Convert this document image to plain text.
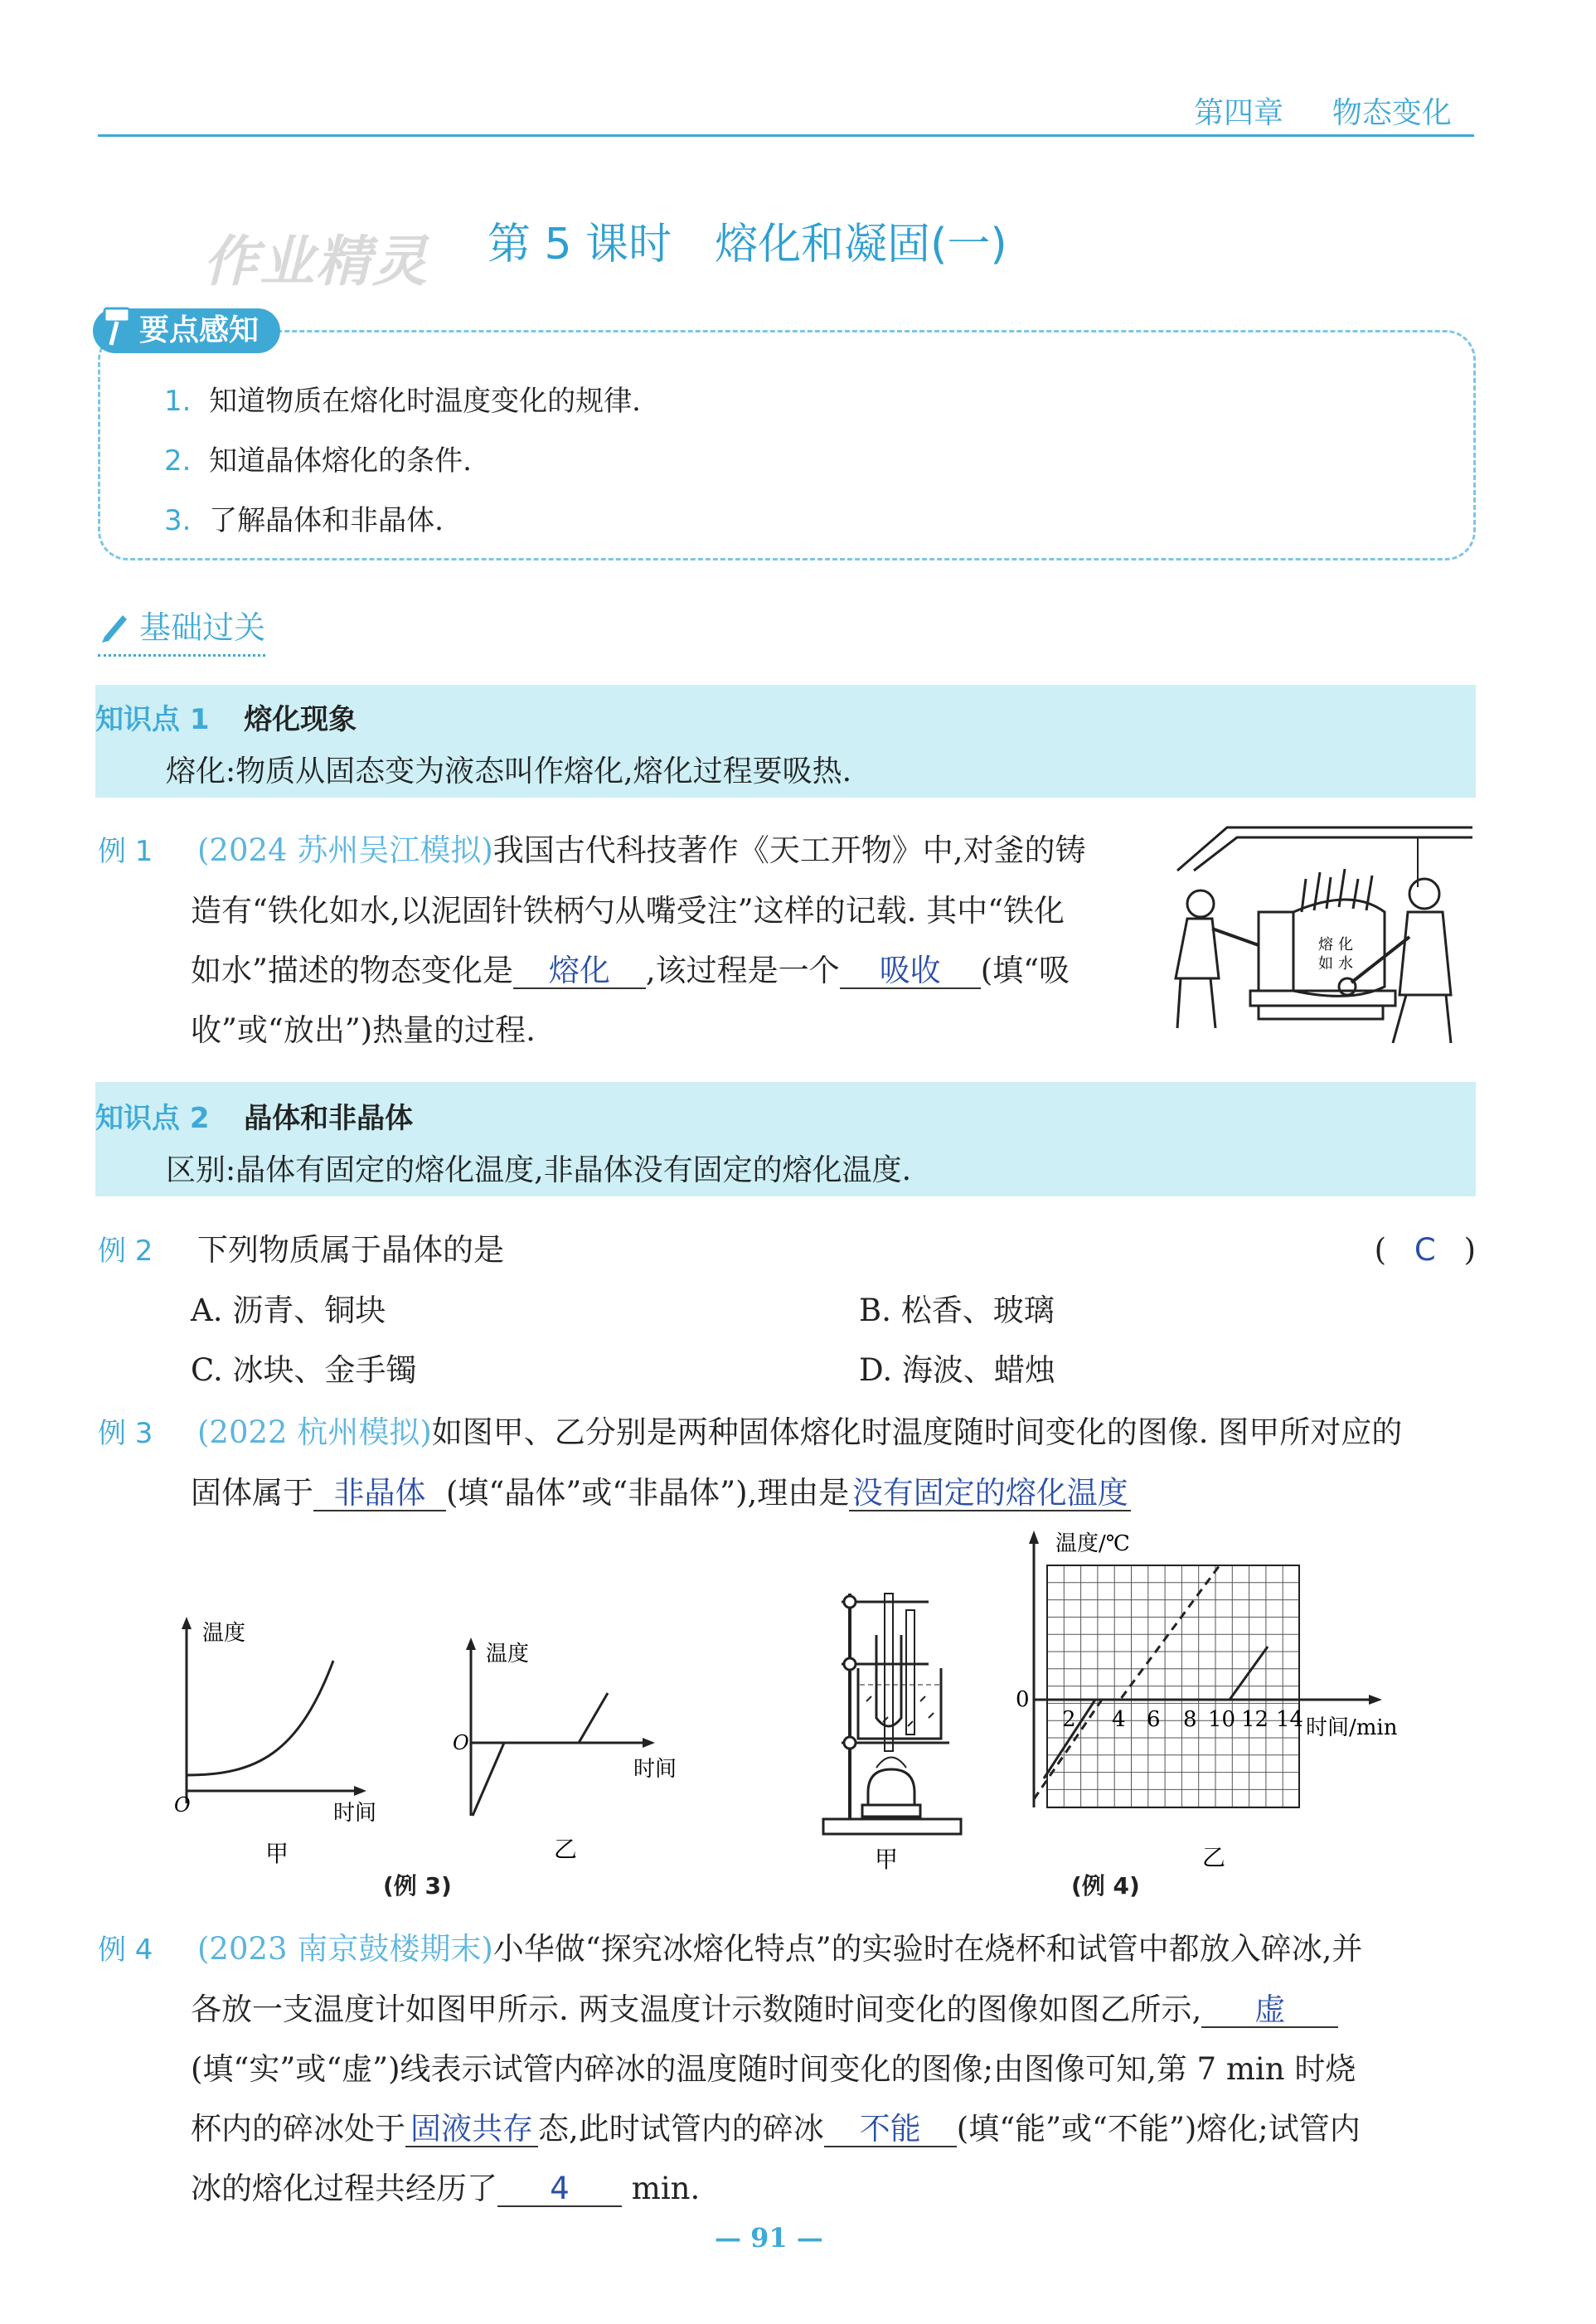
第四章 物态变化
作业精灵 第 5 课时　熔化和凝固(一)
要点感知
1. 知道物质在熔化时温度变化的规律.
2. 知道晶体熔化的条件.
3. 了解晶体和非晶体.
基础过关
知识点 1 熔化现象
熔化:物质从固态变为液态叫作熔化,熔化过程要吸热.
例 1 (2024 苏州吴江模拟)我国古代科技著作《天工开物》中,对釜的铸
造有“铁化如水,以泥固针铁柄勺从嘴受注”这样的记载. 其中“铁化
如水”描述的物态变化是 熔化 ,该过程是一个 吸收 (填“吸
收”或“放出”)热量的过程.
熔 化
如 水
知识点 2 晶体和非晶体
区别:晶体有固定的熔化温度,非晶体没有固定的熔化温度.
例 2 下列物质属于晶体的是	( C )
A. 沥青、铜块	B. 松香、玻璃
C. 冰块、金手镯	D. 海波、蜡烛
例 3 (2022 杭州模拟)如图甲、乙分别是两种固体熔化时温度随时间变化的图像. 图甲所对应的
固体属于 非晶体 (填“晶体”或“非晶体”),理由是没有固定的熔化温度
温度
O	时间
甲
温度
O
时间
乙
(例 3)
甲
温度/℃
0
2 4 6 8 10 12 14 时间/min
乙
(例 4)
例 4 (2023 南京鼓楼期末)小华做“探究冰熔化特点”的实验时在烧杯和试管中都放入碎冰,并
各放一支温度计如图甲所示. 两支温度计示数随时间变化的图像如图乙所示, 虚
(填“实”或“虚”)线表示试管内碎冰的温度随时间变化的图像;由图像可知,第 7 min 时烧
杯内的碎冰处于 固液共存 态,此时试管内的碎冰 不能 (填“能”或“不能”)熔化;试管内
冰的熔化过程共经历了 4 min.
— 91 —
